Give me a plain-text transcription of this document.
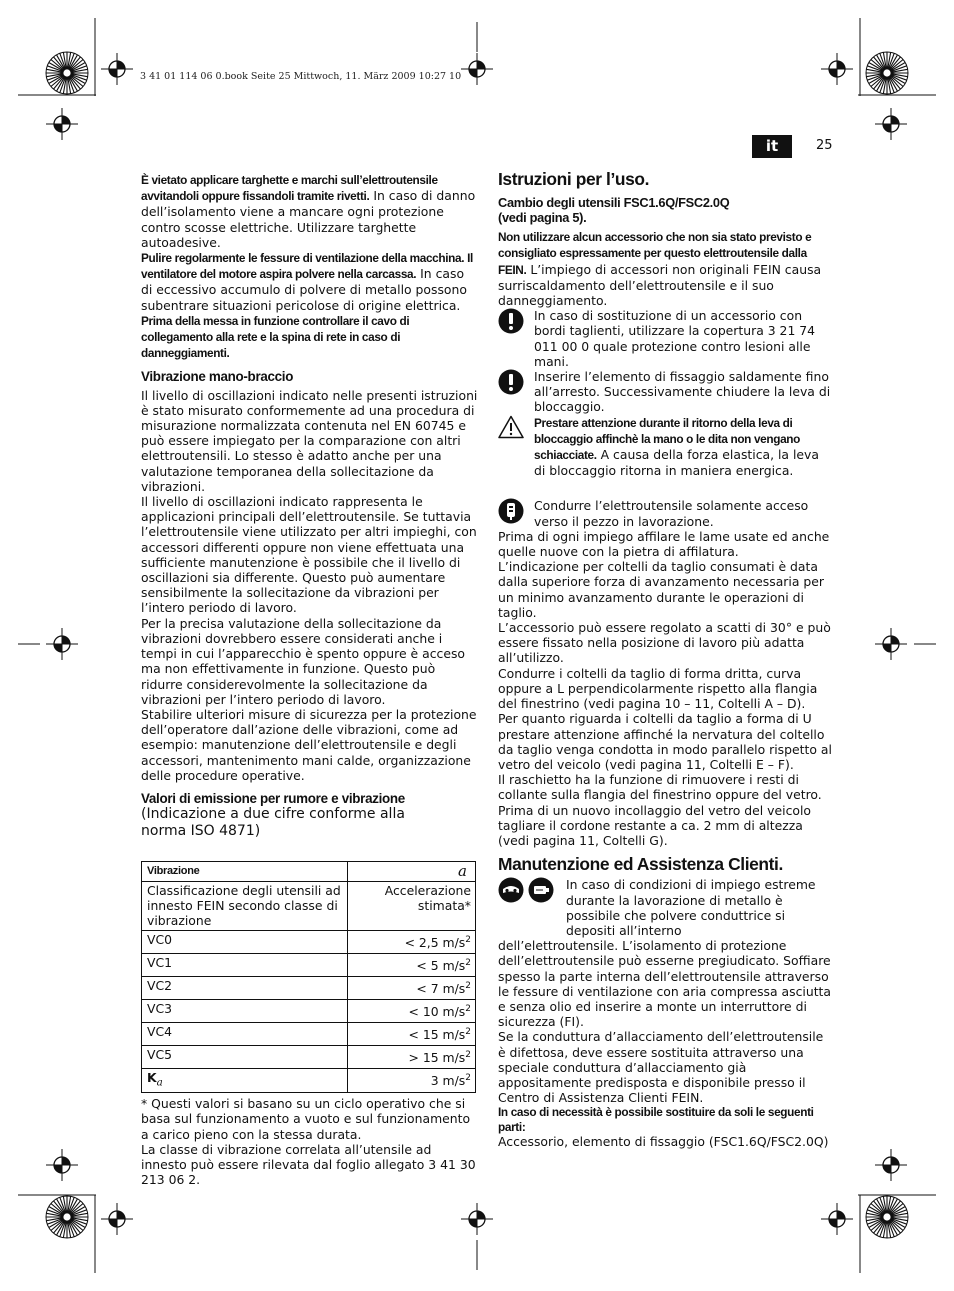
3 41 01 114 06 0.book Seite 25 Mittwoch, 11. März 2009 10:27 10
it	25

È vietato applicare targhette e marchi sull’elettroutensile avvitandoli oppure fissandoli tramite rivetti. In caso di danno dell’isolamento viene a mancare ogni protezione contro scosse elettriche. Utilizzare targhette autoadesive.

Pulire regolarmente le fessure di ventilazione della macchina. Il ventilatore del motore aspira polvere nella carcassa. In caso di eccessivo accumulo di polvere di metallo possono subentrare situazioni pericolose di origine elettrica.

Prima della messa in funzione controllare il cavo di collegamento alla rete e la spina di rete in caso di danneggiamenti.

Vibrazione mano-braccio

Il livello di oscillazioni indicato nelle presenti istruzioni è stato misurato conformemente ad una procedura di misurazione normalizzata contenuta nel EN 60745 e può essere impiegato per la comparazione con altri elettroutensili. Lo stesso è adatto anche per una valutazione temporanea della sollecitazione da vibrazioni.

Il livello di oscillazioni indicato rappresenta le applicazioni principali dell’elettroutensile. Se tuttavia l’elettroutensile viene utilizzato per altri impieghi, con accessori differenti oppure non viene effettuata una sufficiente manutenzione è possibile che il livello di oscillazioni sia differente. Questo può aumentare sensibilmente la sollecitazione da vibrazioni per l’intero periodo di lavoro.

Per la precisa valutazione della sollecitazione da vibrazioni dovrebbero essere considerati anche i tempi in cui l’apparecchio è spento oppure è acceso ma non effettivamente in funzione. Questo può ridurre considerevolmente la sollecitazione da vibrazioni per l’intero periodo di lavoro.

Stabilire ulteriori misure di sicurezza per la protezione dell’operatore dall’azione delle vibrazioni, come ad esempio: manutenzione dell’elettroutensile e degli accessori, mantenimento mani calde, organizzazione delle procedure operative.

Valori di emissione per rumore e vibrazione

(Indicazione a due cifre conforme alla norma ISO 4871)

Vibrazione	a
Classificazione degli utensili ad innesto FEIN secondo classe di vibrazione	Accelerazione stimata*
VC0	< 2,5 $m/s^2$
VC1	< 5 $m/s^2$
VC2	< 7 $m/s^2$
VC3	< 10 $m/s^2$
VC4	< 15 $m/s^2$
VC5	> 15 $m/s^2$
$K_a$	3 $m/s^2$

* Questi valori si basano su un ciclo operativo che si basa sul funzionamento a vuoto e sul funzionamento a carico pieno con la stessa durata.

La classe di vibrazione correlata all’utensile ad innesto può essere rilevata dal foglio allegato 3 41 30 213 06 2.

Istruzioni per l’uso.

Cambio degli utensili FSC1.6Q/FSC2.0Q (vedi pagina 5).

Non utilizzare alcun accessorio che non sia stato previsto e consigliato espressamente per questo elettroutensile dalla FEIN. L’impiego di accessori non originali FEIN causa surriscaldamento dell’elettroutensile e il suo danneggiamento.

In caso di sostituzione di un accessorio con bordi taglienti, utilizzare la copertura 3 21 74 011 00 0 quale protezione contro lesioni alle mani.
Inserire l’elemento di fissaggio saldamente fino all’arresto. Successivamente chiudere la leva di bloccaggio.
Prestare attenzione durante il ritorno della leva di bloccaggio affinchè la mano o le dita non vengano schiacciate. A causa della forza elastica, la leva di bloccaggio ritorna in maniera energica.
Condurre l’elettroutensile solamente acceso verso il pezzo in lavorazione.

Prima di ogni impiego affilare le lame usate ed anche quelle nuove con la pietra di affilatura.

L’indicazione per coltelli da taglio consumati è data dalla superiore forza di avanzamento necessaria per un minimo avanzamento durante le operazioni di taglio.

L’accessorio può essere regolato a scatti di 30° e può essere fissato nella posizione di lavoro più adatta all’utilizzo.

Condurre i coltelli da taglio di forma dritta, curva oppure a L perpendicolarmente rispetto alla flangia del finestrino (vedi pagina 10 – 11, Coltelli A – D).

Per quanto riguarda i coltelli da taglio a forma di U prestare attenzione affinché la nervatura del coltello da taglio venga condotta in modo parallelo rispetto al vetro del veicolo (vedi pagina 11, Coltelli E – F).

Il raschietto ha la funzione di rimuovere i resti di collante sulla flangia del finestrino oppure del vetro. Prima di un nuovo incollaggio del vetro del veicolo tagliare il cordone restante a ca. 2 mm di altezza (vedi pagina 11, Coltelli G).

Manutenzione ed Assistenza Clienti.

In caso di condizioni di impiego estreme durante la lavorazione di metallo è possibile che polvere conduttrice si depositi all’interno

dell’elettroutensile. L’isolamento di protezione dell’elettroutensile può esserne pregiudicato. Soffiare spesso la parte interna dell’elettroutensile attraverso le fessure di ventilazione con aria compressa asciutta e senza olio ed inserire a monte un interruttore di sicurezza (FI).

Se la conduttura d’allacciamento dell’elettroutensile è difettosa, deve essere sostituita attraverso una speciale conduttura d’allacciamento già appositamente predisposta e disponibile presso il Centro di Assistenza Clienti FEIN.

In caso di necessità è possibile sostituire da soli le seguenti parti:

Accessorio, elemento di fissaggio (FSC1.6Q/FSC2.0Q)
